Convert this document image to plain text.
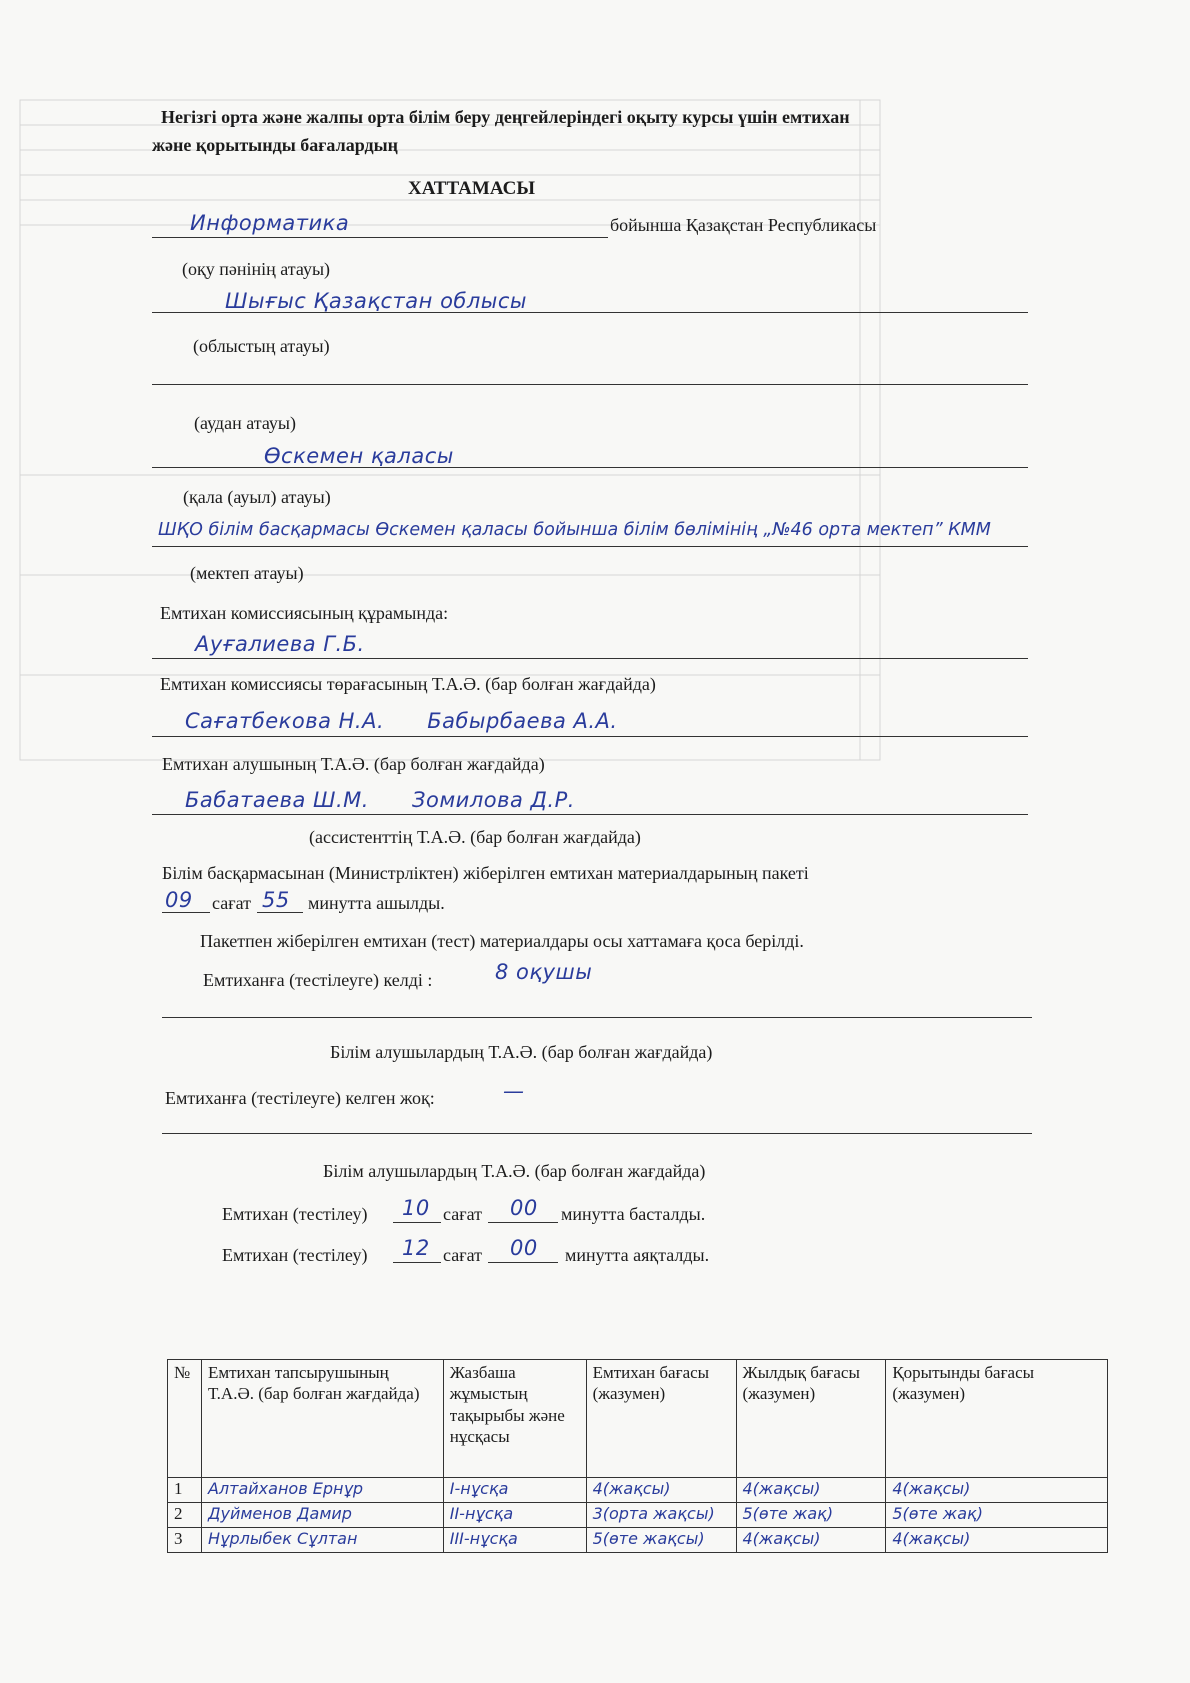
Негізгі орта және жалпы орта білім беру деңгейлеріндегі оқыту курсы үшін емтихан
және қорытынды бағалардың
ХАТТАМАСЫ
Информатика	бойынша Қазақстан Республикасы
(оқу пәнінің атауы)
Шығыс Қазақстан облысы
(облыстың атауы)
(аудан атауы)
Өскемен қаласы
(қала (ауыл) атауы)
ШҚО білім басқармасы Өскемен қаласы бойынша білім бөлімінің „№46 орта мектеп” КММ
(мектеп атауы)
Емтихан комиссиясының құрамында:
Ауғалиева Г.Б.
Емтихан комиссиясы төрағасының Т.А.Ә. (бар болған жағдайда)
Сағатбекова Н.А.      Бабырбаева А.А.
Емтихан алушының Т.А.Ә. (бар болған жағдайда)
Бабатаева Ш.М.      Зомилова Д.Р.
(ассистенттің Т.А.Ә. (бар болған жағдайда)
Білім басқармасынан (Министрліктен) жіберілген емтихан материалдарының пакеті
09 сағат 55 минутта ашылды.
Пакетпен жіберілген емтихан (тест) материалдары осы хаттамаға қоса берілді.
Емтиханға (тестілеуге) келді :	8 оқушы
Білім алушылардың Т.А.Ә. (бар болған жағдайда)
Емтиханға (тестілеуге) келген жоқ:	—
Білім алушылардың Т.А.Ә. (бар болған жағдайда)
Емтихан (тестілеу) 10 сағат 00 минутта басталды.
Емтихан (тестілеу) 12 сағат 00 минутта аяқталды.
№	Емтихан тапсырушының Т.А.Ә. (бар болған жағдайда)	Жазбаша жұмыстың тақырыбы және нұсқасы	Емтихан бағасы (жазумен)	Жылдық бағасы (жазумен)	Қорытынды бағасы (жазумен)
1	Алтайханов Ернұр	І-нұсқа	4(жақсы)	4(жақсы)	4(жақсы)
2	Дуйменов Дамир	ІІ-нұсқа	3(орта жақсы)	5(өте жақ)	5(өте жақ)
3	Нұрлыбек Сұлтан	ІІІ-нұсқа	5(өте жақсы)	4(жақсы)	4(жақсы)
